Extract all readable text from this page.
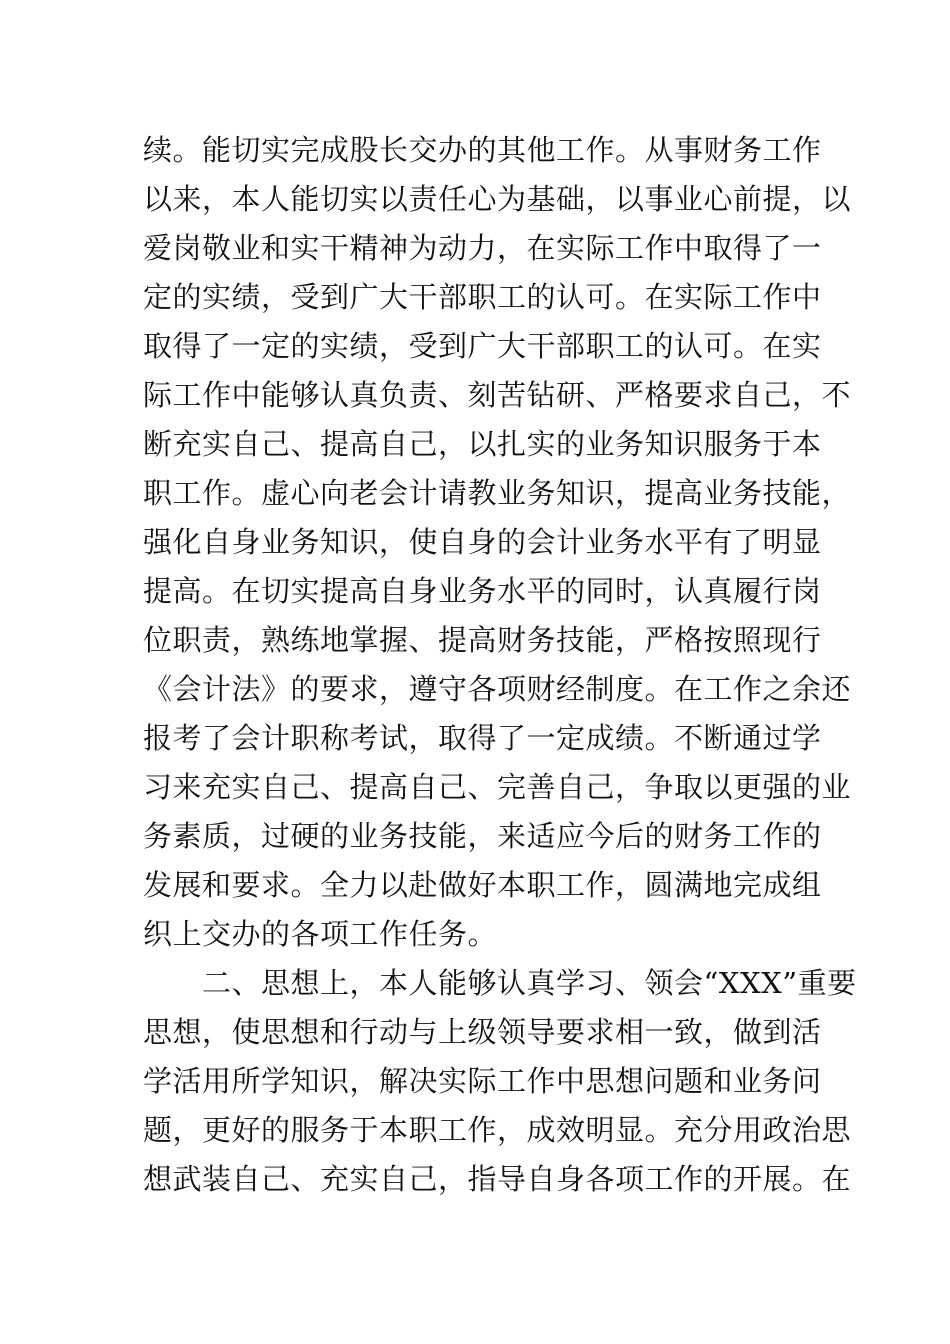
续。能切实完成股长交办的其他工作。从事财务工作
以来，本人能切实以责任心为基础，以事业心前提，以
爱岗敬业和实干精神为动力，在实际工作中取得了一
定的实绩，受到广大干部职工的认可。在实际工作中
取得了一定的实绩，受到广大干部职工的认可。在实
际工作中能够认真负责、刻苦钻研、严格要求自己，不
断充实自己、提高自己，以扎实的业务知识服务于本
职工作。虚心向老会计请教业务知识，提高业务技能，
强化自身业务知识，使自身的会计业务水平有了明显
提高。在切实提高自身业务水平的同时，认真履行岗
位职责，熟练地掌握、提高财务技能，严格按照现行
《会计法》的要求，遵守各项财经制度。在工作之余还
报考了会计职称考试，取得了一定成绩。不断通过学
习来充实自己、提高自己、完善自己，争取以更强的业
务素质，过硬的业务技能，来适应今后的财务工作的
发展和要求。全力以赴做好本职工作，圆满地完成组
织上交办的各项工作任务。
　　二、思想上，本人能够认真学习、领会“XXX”重要
思想，使思想和行动与上级领导要求相一致，做到活
学活用所学知识，解决实际工作中思想问题和业务问
题，更好的服务于本职工作，成效明显。充分用政治思
想武装自己、充实自己，指导自身各项工作的开展。在
